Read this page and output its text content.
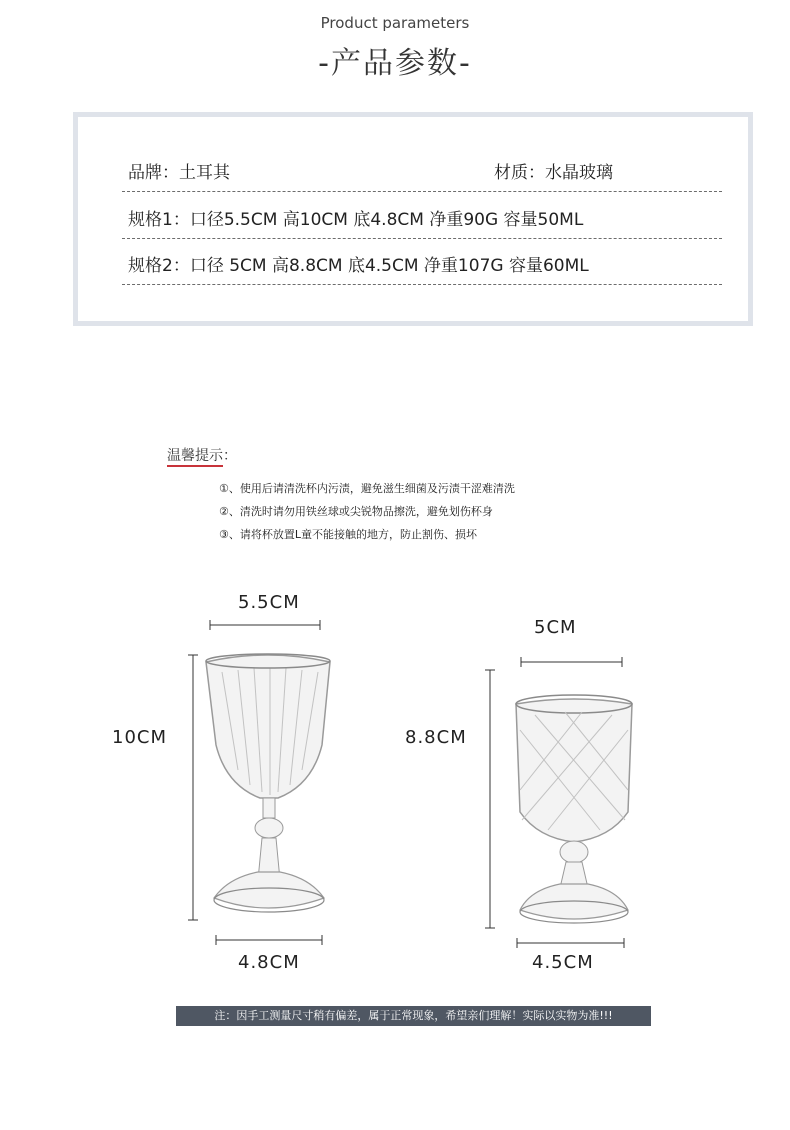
Product parameters
-产品参数-
品牌：土耳其	材质：水晶玻璃
规格1：口径5.5CM 高10CM 底4.8CM 净重90G 容量50ML
规格2：口径 5CM 高8.8CM 底4.5CM 净重107G 容量60ML
温馨提示：
①、使用后请清洗杯内污渍，避免滋生细菌及污渍干涩难清洗
②、清洗时请勿用铁丝球或尖锐物品擦洗，避免划伤杯身
③、请将杯放置L童不能接触的地方，防止割伤、损坏
5.5CM
10CM
4.8CM
5CM
8.8CM
4.5CM
注：因手工测量尺寸稍有偏差，属于正常现象，希望亲们理解！实际以实物为准!!!
